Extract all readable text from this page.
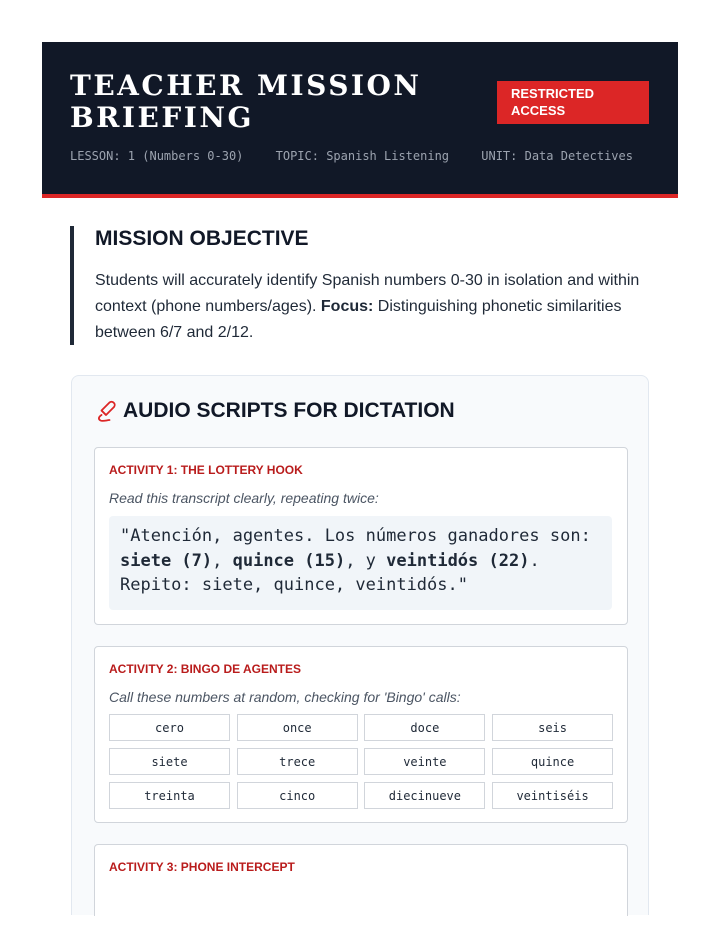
TEACHER MISSION BRIEFING
RESTRICTED ACCESS
LESSON: 1 (Numbers 0-30)	TOPIC: Spanish Listening	UNIT: Data Detectives
MISSION OBJECTIVE

Students will accurately identify Spanish numbers 0-30 in isolation and within context (phone numbers/ages). Focus: Distinguishing phonetic similarities between 6/7 and 2/12.

AUDIO SCRIPTS FOR DICTATION
ACTIVITY 1: THE LOTTERY HOOK
Read this transcript clearly, repeating twice:
"Atención, agentes. Los números ganadores son: siete (7), quince (15), y veintidós (22). Repito: siete, quince, veintidós."
ACTIVITY 2: BINGO DE AGENTES
Call these numbers at random, checking for 'Bingo' calls:
cero	once	doce	seis
siete	trece	veinte	quince
treinta	cinco	diecinueve	veintiséis
ACTIVITY 3: PHONE INTERCEPT
